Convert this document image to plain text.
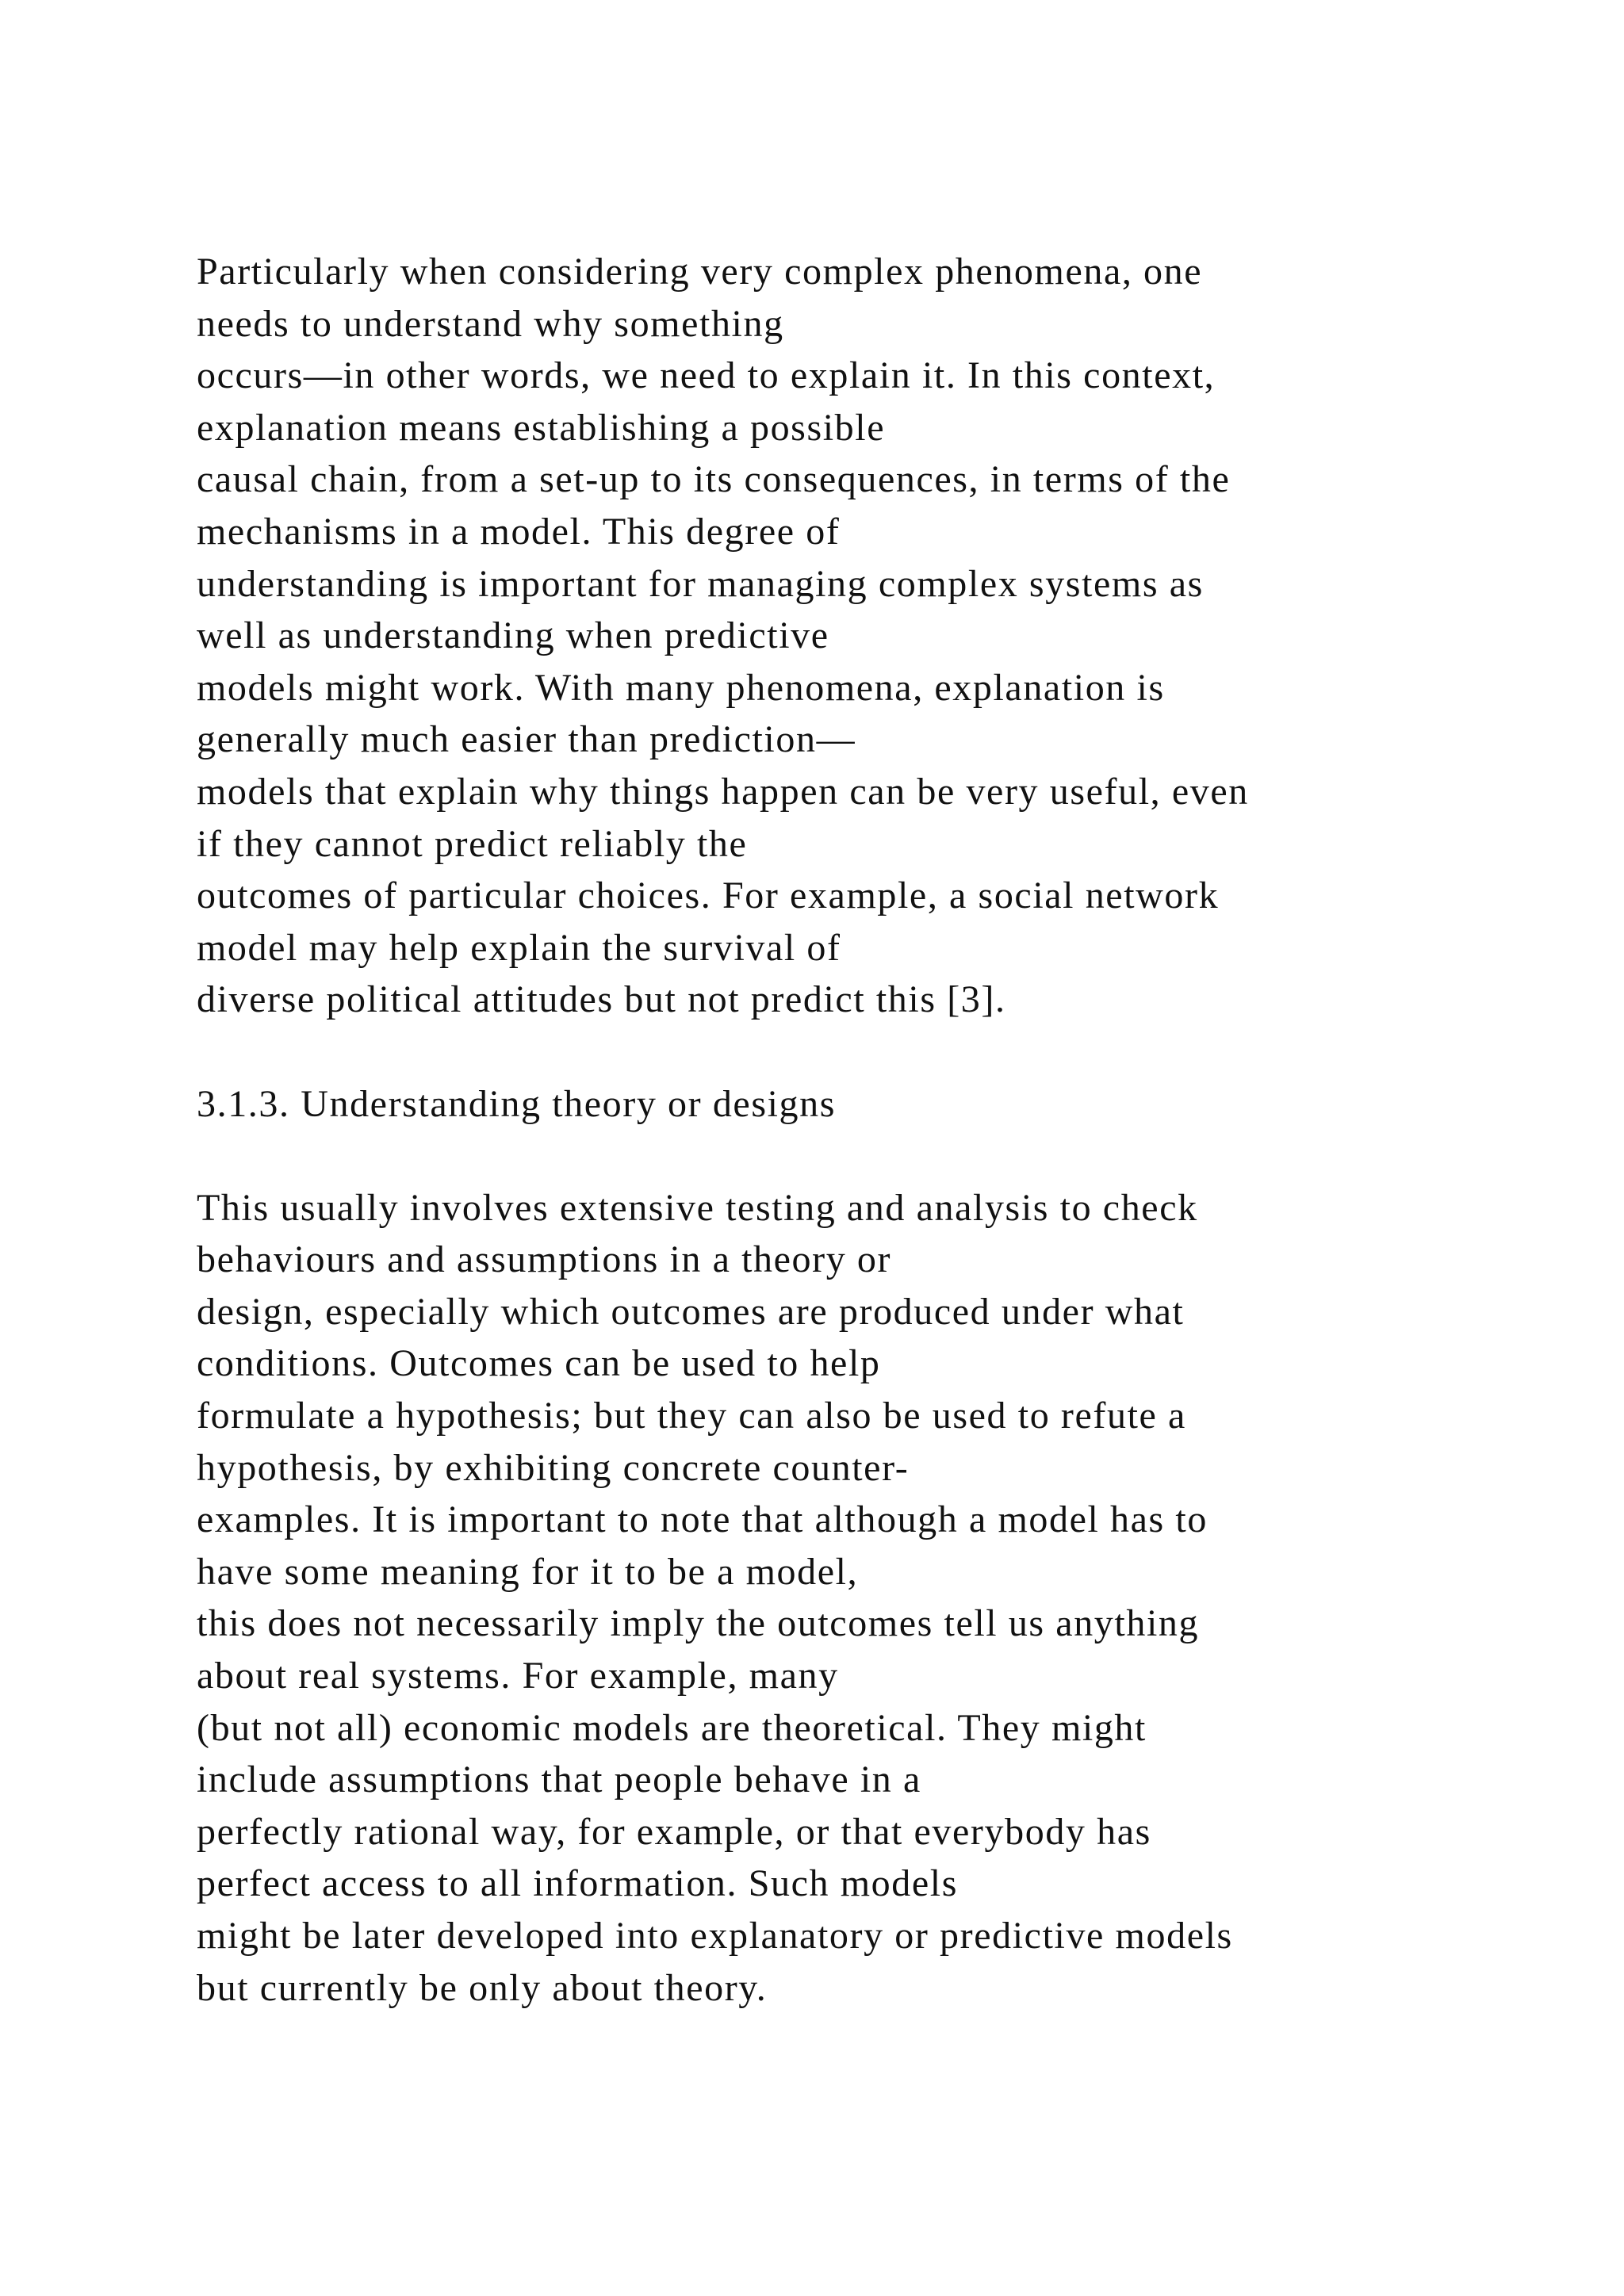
Particularly when considering very complex phenomena, one
needs to understand why something
occurs—in other words, we need to explain it. In this context,
explanation means establishing a possible
causal chain, from a set-up to its consequences, in terms of the
mechanisms in a model. This degree of
understanding is important for managing complex systems as
well as understanding when predictive
models might work. With many phenomena, explanation is
generally much easier than prediction—
models that explain why things happen can be very useful, even
if they cannot predict reliably the
outcomes of particular choices. For example, a social network
model may help explain the survival of
diverse political attitudes but not predict this [3].
3.1.3. Understanding theory or designs
This usually involves extensive testing and analysis to check
behaviours and assumptions in a theory or
design, especially which outcomes are produced under what
conditions. Outcomes can be used to help
formulate a hypothesis; but they can also be used to refute a
hypothesis, by exhibiting concrete counter-
examples. It is important to note that although a model has to
have some meaning for it to be a model,
this does not necessarily imply the outcomes tell us anything
about real systems. For example, many
(but not all) economic models are theoretical. They might
include assumptions that people behave in a
perfectly rational way, for example, or that everybody has
perfect access to all information. Such models
might be later developed into explanatory or predictive models
but currently be only about theory.
